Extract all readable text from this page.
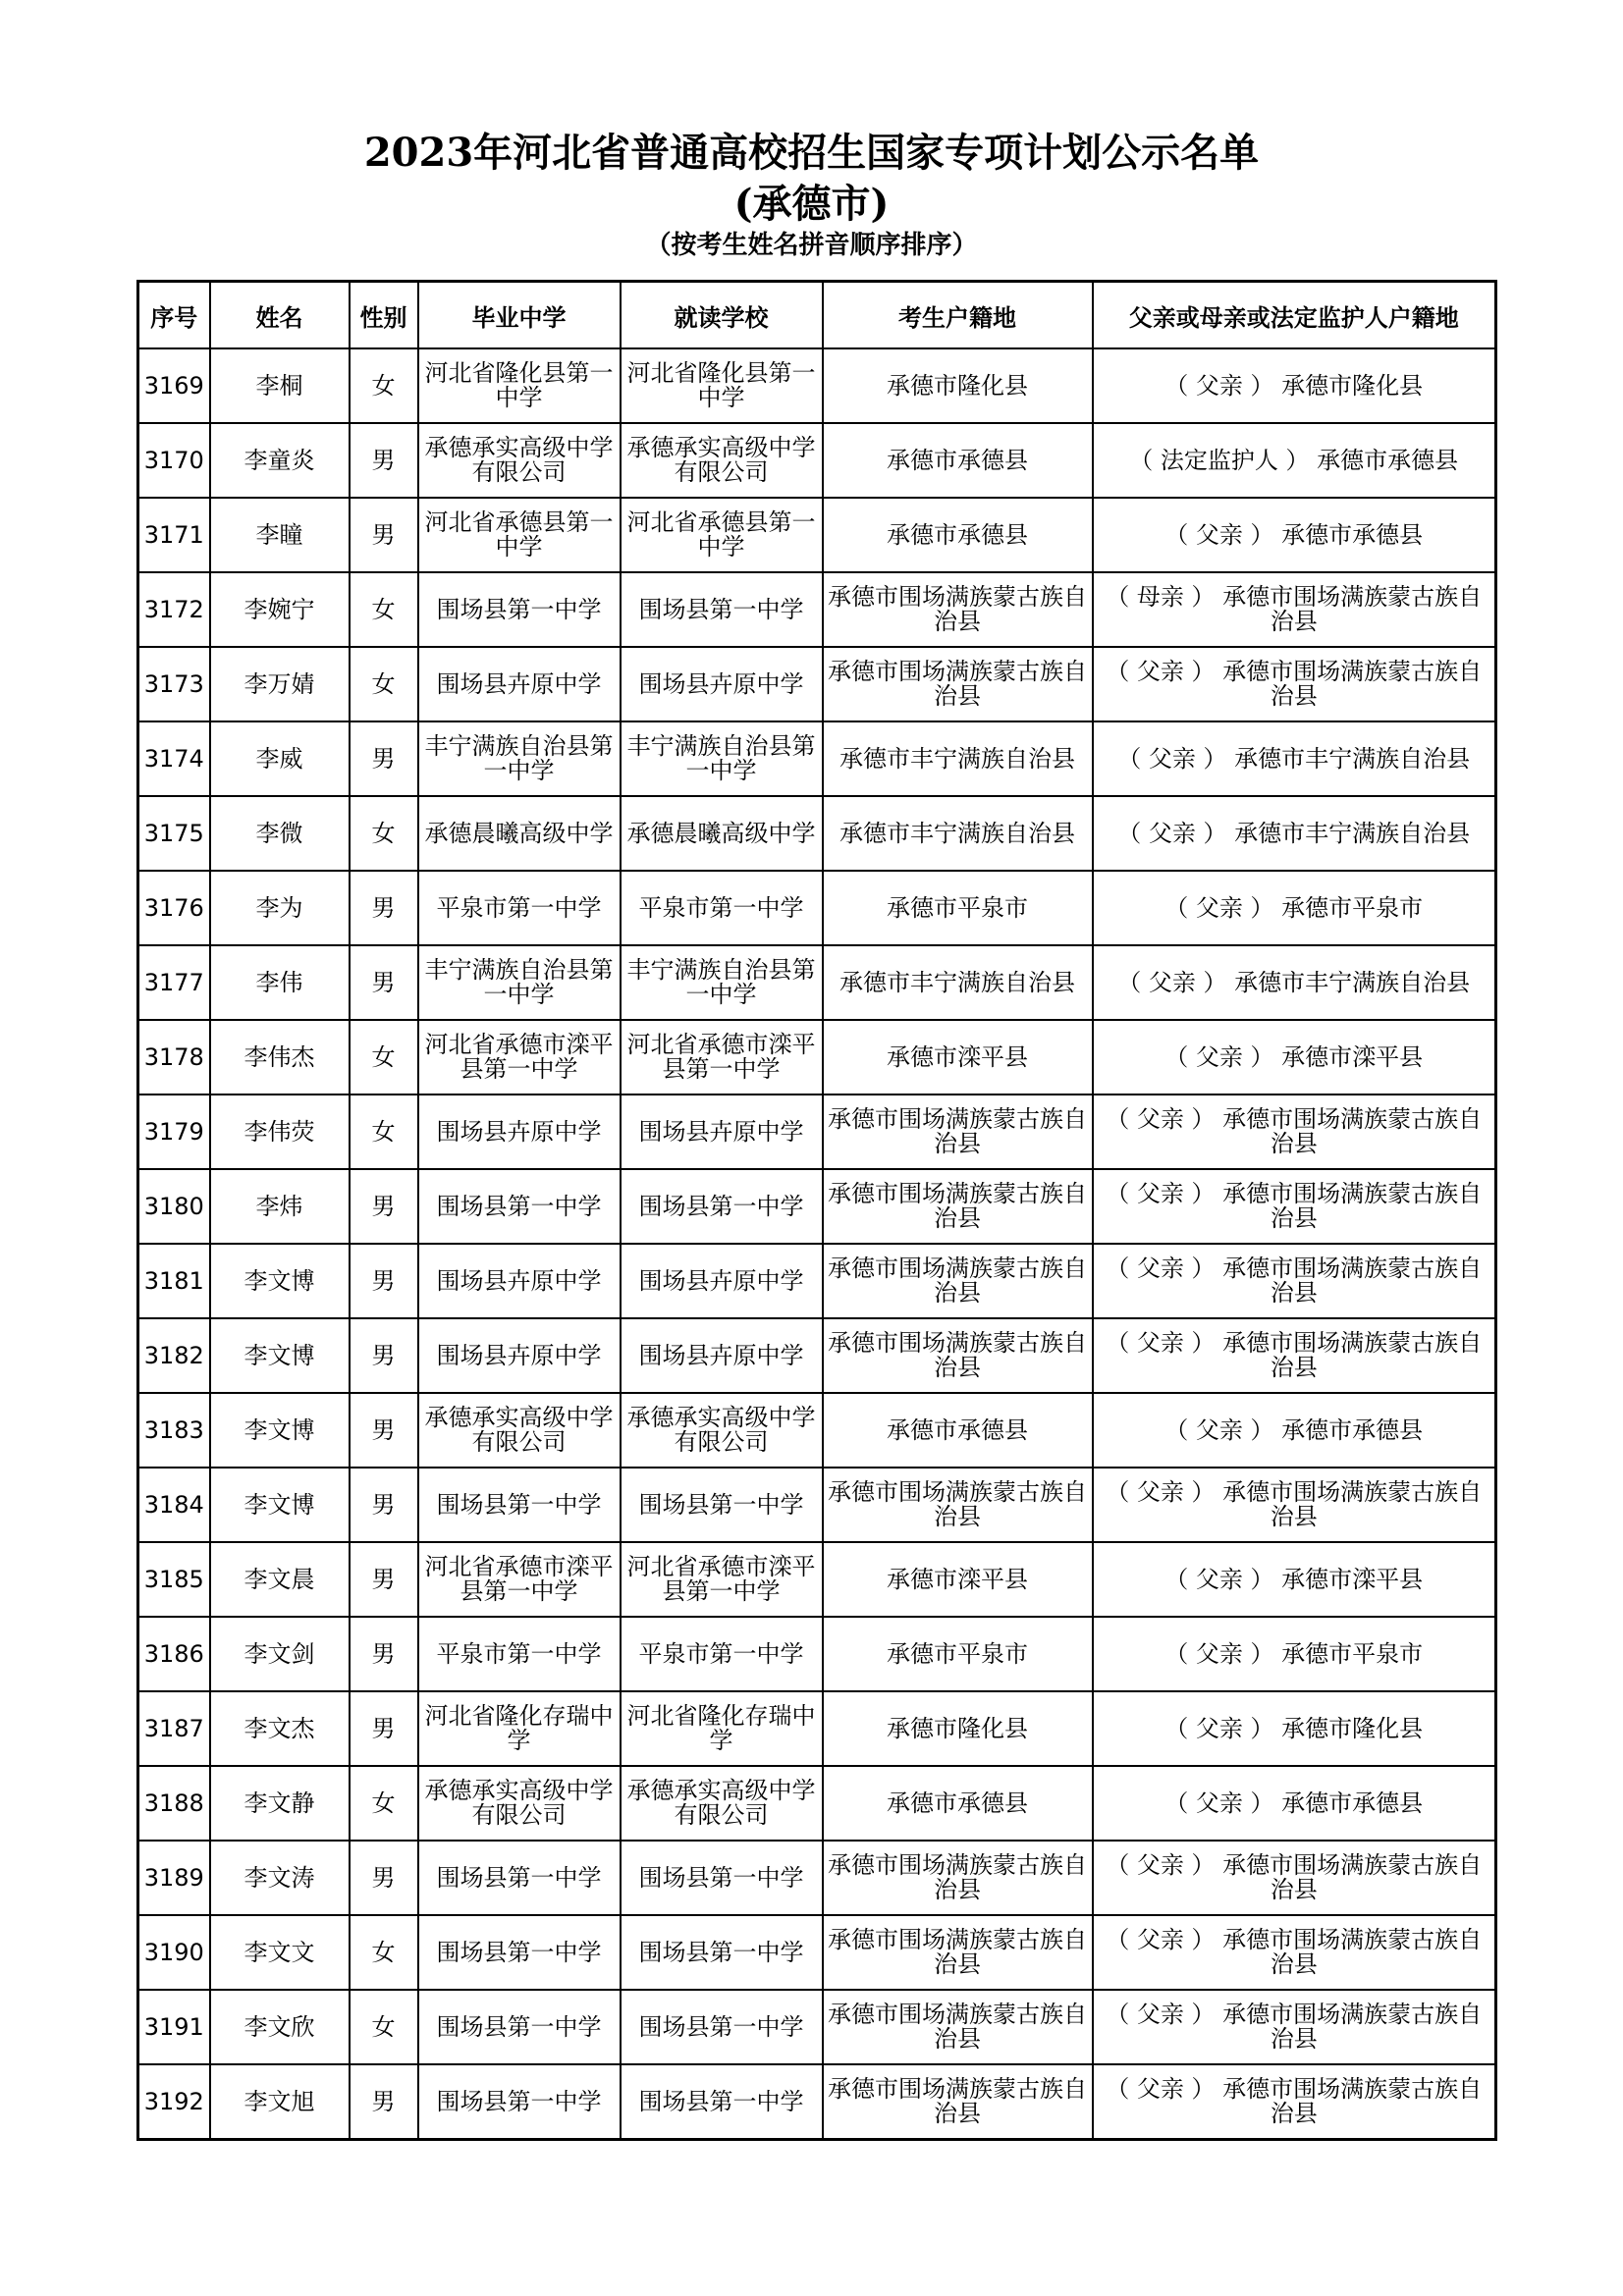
2023年河北省普通高校招生国家专项计划公示名单
(承德市)
（按考生姓名拼音顺序排序）
序号	姓名	性别	毕业中学	就读学校	考生户籍地	父亲或母亲或法定监护人户籍地
3169	李桐	女	河北省隆化县第一中学	河北省隆化县第一中学	承德市隆化县	（ 父亲 ） 承德市隆化县
3170	李童炎	男	承德承实高级中学有限公司	承德承实高级中学有限公司	承德市承德县	（ 法定监护人 ） 承德市承德县
3171	李瞳	男	河北省承德县第一中学	河北省承德县第一中学	承德市承德县	（ 父亲 ） 承德市承德县
3172	李婉宁	女	围场县第一中学	围场县第一中学	承德市围场满族蒙古族自治县	（ 母亲 ） 承德市围场满族蒙古族自治县
3173	李万婧	女	围场县卉原中学	围场县卉原中学	承德市围场满族蒙古族自治县	（ 父亲 ） 承德市围场满族蒙古族自治县
3174	李威	男	丰宁满族自治县第一中学	丰宁满族自治县第一中学	承德市丰宁满族自治县	（ 父亲 ） 承德市丰宁满族自治县
3175	李微	女	承德晨曦高级中学	承德晨曦高级中学	承德市丰宁满族自治县	（ 父亲 ） 承德市丰宁满族自治县
3176	李为	男	平泉市第一中学	平泉市第一中学	承德市平泉市	（ 父亲 ） 承德市平泉市
3177	李伟	男	丰宁满族自治县第一中学	丰宁满族自治县第一中学	承德市丰宁满族自治县	（ 父亲 ） 承德市丰宁满族自治县
3178	李伟杰	女	河北省承德市滦平县第一中学	河北省承德市滦平县第一中学	承德市滦平县	（ 父亲 ） 承德市滦平县
3179	李伟荧	女	围场县卉原中学	围场县卉原中学	承德市围场满族蒙古族自治县	（ 父亲 ） 承德市围场满族蒙古族自治县
3180	李炜	男	围场县第一中学	围场县第一中学	承德市围场满族蒙古族自治县	（ 父亲 ） 承德市围场满族蒙古族自治县
3181	李文博	男	围场县卉原中学	围场县卉原中学	承德市围场满族蒙古族自治县	（ 父亲 ） 承德市围场满族蒙古族自治县
3182	李文博	男	围场县卉原中学	围场县卉原中学	承德市围场满族蒙古族自治县	（ 父亲 ） 承德市围场满族蒙古族自治县
3183	李文博	男	承德承实高级中学有限公司	承德承实高级中学有限公司	承德市承德县	（ 父亲 ） 承德市承德县
3184	李文博	男	围场县第一中学	围场县第一中学	承德市围场满族蒙古族自治县	（ 父亲 ） 承德市围场满族蒙古族自治县
3185	李文晨	男	河北省承德市滦平县第一中学	河北省承德市滦平县第一中学	承德市滦平县	（ 父亲 ） 承德市滦平县
3186	李文剑	男	平泉市第一中学	平泉市第一中学	承德市平泉市	（ 父亲 ） 承德市平泉市
3187	李文杰	男	河北省隆化存瑞中学	河北省隆化存瑞中学	承德市隆化县	（ 父亲 ） 承德市隆化县
3188	李文静	女	承德承实高级中学有限公司	承德承实高级中学有限公司	承德市承德县	（ 父亲 ） 承德市承德县
3189	李文涛	男	围场县第一中学	围场县第一中学	承德市围场满族蒙古族自治县	（ 父亲 ） 承德市围场满族蒙古族自治县
3190	李文文	女	围场县第一中学	围场县第一中学	承德市围场满族蒙古族自治县	（ 父亲 ） 承德市围场满族蒙古族自治县
3191	李文欣	女	围场县第一中学	围场县第一中学	承德市围场满族蒙古族自治县	（ 父亲 ） 承德市围场满族蒙古族自治县
3192	李文旭	男	围场县第一中学	围场县第一中学	承德市围场满族蒙古族自治县	（ 父亲 ） 承德市围场满族蒙古族自治县
